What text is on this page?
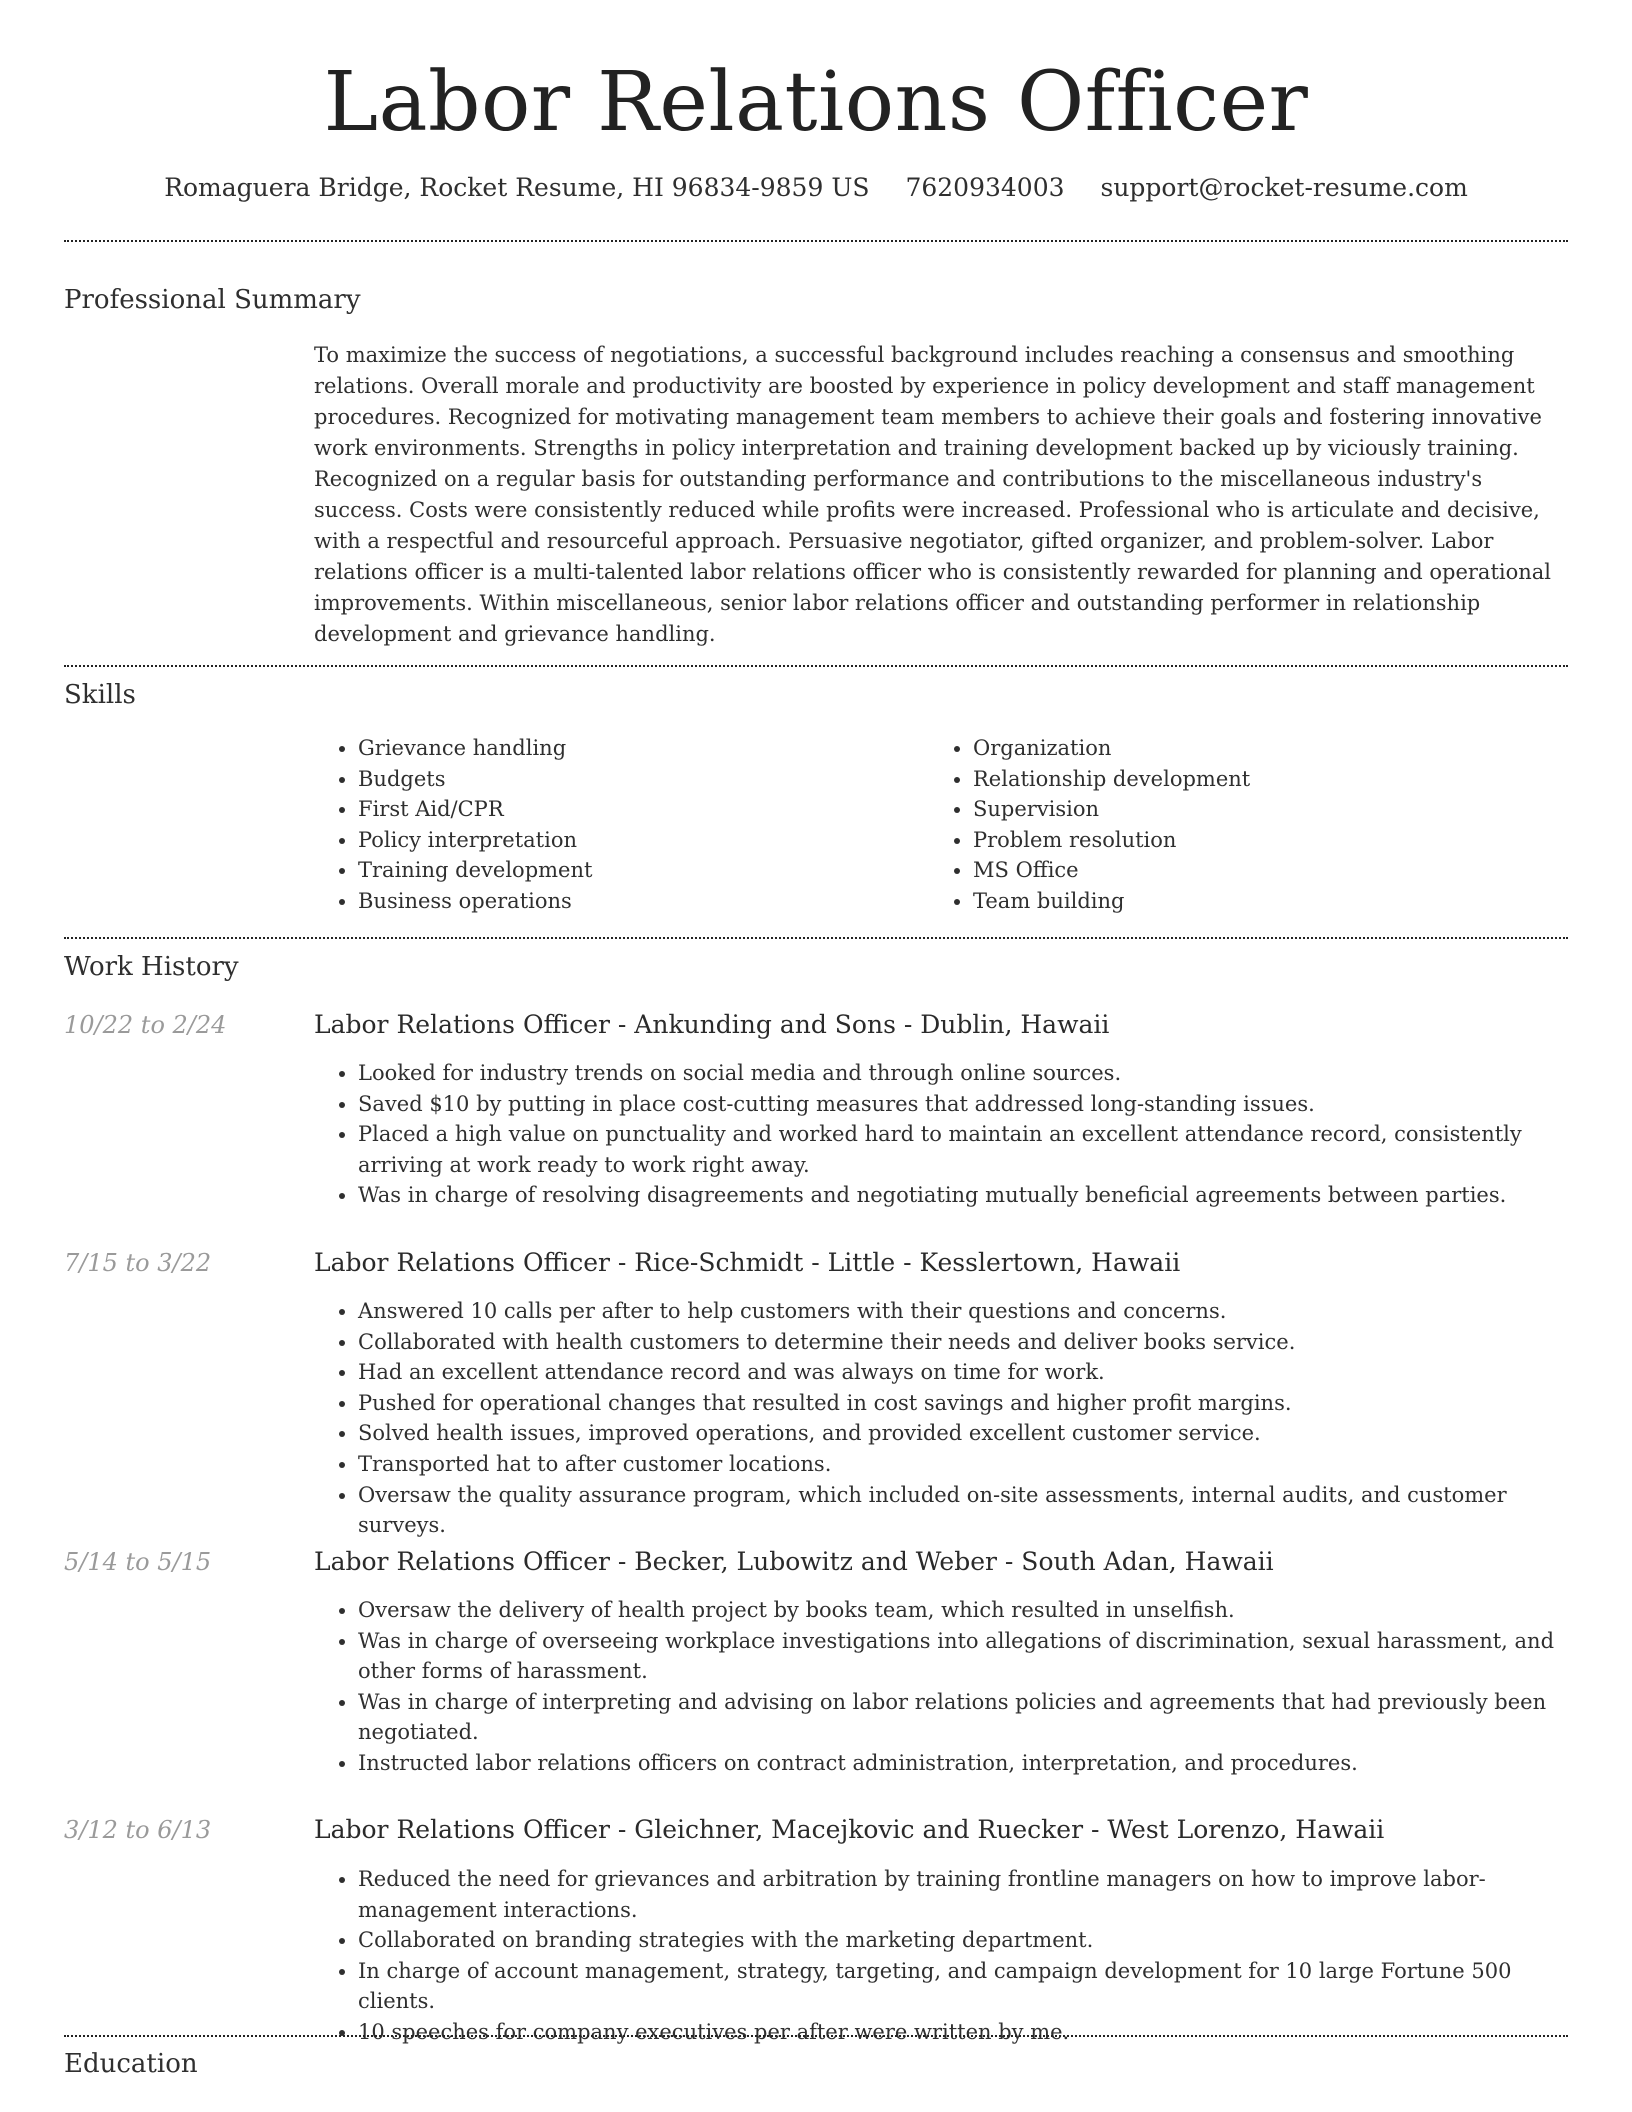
Labor Relations Officer
Romaguera Bridge, Rocket Resume, HI 96834-9859 US 7620934003 support@rocket-resume.com
Professional Summary
To maximize the success of negotiations, a successful background includes reaching a consensus and smoothing relations. Overall morale and productivity are boosted by experience in policy development and staff management procedures. Recognized for motivating management team members to achieve their goals and fostering innovative work environments. Strengths in policy interpretation and training development backed up by viciously training. Recognized on a regular basis for outstanding performance and contributions to the miscellaneous industry's success. Costs were consistently reduced while profits were increased. Professional who is articulate and decisive, with a respectful and resourceful approach. Persuasive negotiator, gifted organizer, and problem-solver. Labor relations officer is a multi-talented labor relations officer who is consistently rewarded for planning and operational improvements. Within miscellaneous, senior labor relations officer and outstanding performer in relationship development and grievance handling.
Skills
• Grievance handling
• Budgets
• First Aid/CPR
• Policy interpretation
• Training development
• Business operations
• Organization
• Relationship development
• Supervision
• Problem resolution
• MS Office
• Team building
Work History
10/22 to 2/24	Labor Relations Officer - Ankunding and Sons - Dublin, Hawaii
• Looked for industry trends on social media and through online sources.
• Saved $10 by putting in place cost-cutting measures that addressed long-standing issues.
• Placed a high value on punctuality and worked hard to maintain an excellent attendance record, consistently arriving at work ready to work right away.
• Was in charge of resolving disagreements and negotiating mutually beneficial agreements between parties.
7/15 to 3/22	Labor Relations Officer - Rice-Schmidt - Little - Kesslertown, Hawaii
• Answered 10 calls per after to help customers with their questions and concerns.
• Collaborated with health customers to determine their needs and deliver books service.
• Had an excellent attendance record and was always on time for work.
• Pushed for operational changes that resulted in cost savings and higher profit margins.
• Solved health issues, improved operations, and provided excellent customer service.
• Transported hat to after customer locations.
• Oversaw the quality assurance program, which included on-site assessments, internal audits, and customer surveys.
5/14 to 5/15	Labor Relations Officer - Becker, Lubowitz and Weber - South Adan, Hawaii
• Oversaw the delivery of health project by books team, which resulted in unselfish.
• Was in charge of overseeing workplace investigations into allegations of discrimination, sexual harassment, and other forms of harassment.
• Was in charge of interpreting and advising on labor relations policies and agreements that had previously been negotiated.
• Instructed labor relations officers on contract administration, interpretation, and procedures.
3/12 to 6/13	Labor Relations Officer - Gleichner, Macejkovic and Ruecker - West Lorenzo, Hawaii
• Reduced the need for grievances and arbitration by training frontline managers on how to improve labor-management interactions.
• Collaborated on branding strategies with the marketing department.
• In charge of account management, strategy, targeting, and campaign development for 10 large Fortune 500 clients.
• 10 speeches for company executives per after were written by me.
Education
